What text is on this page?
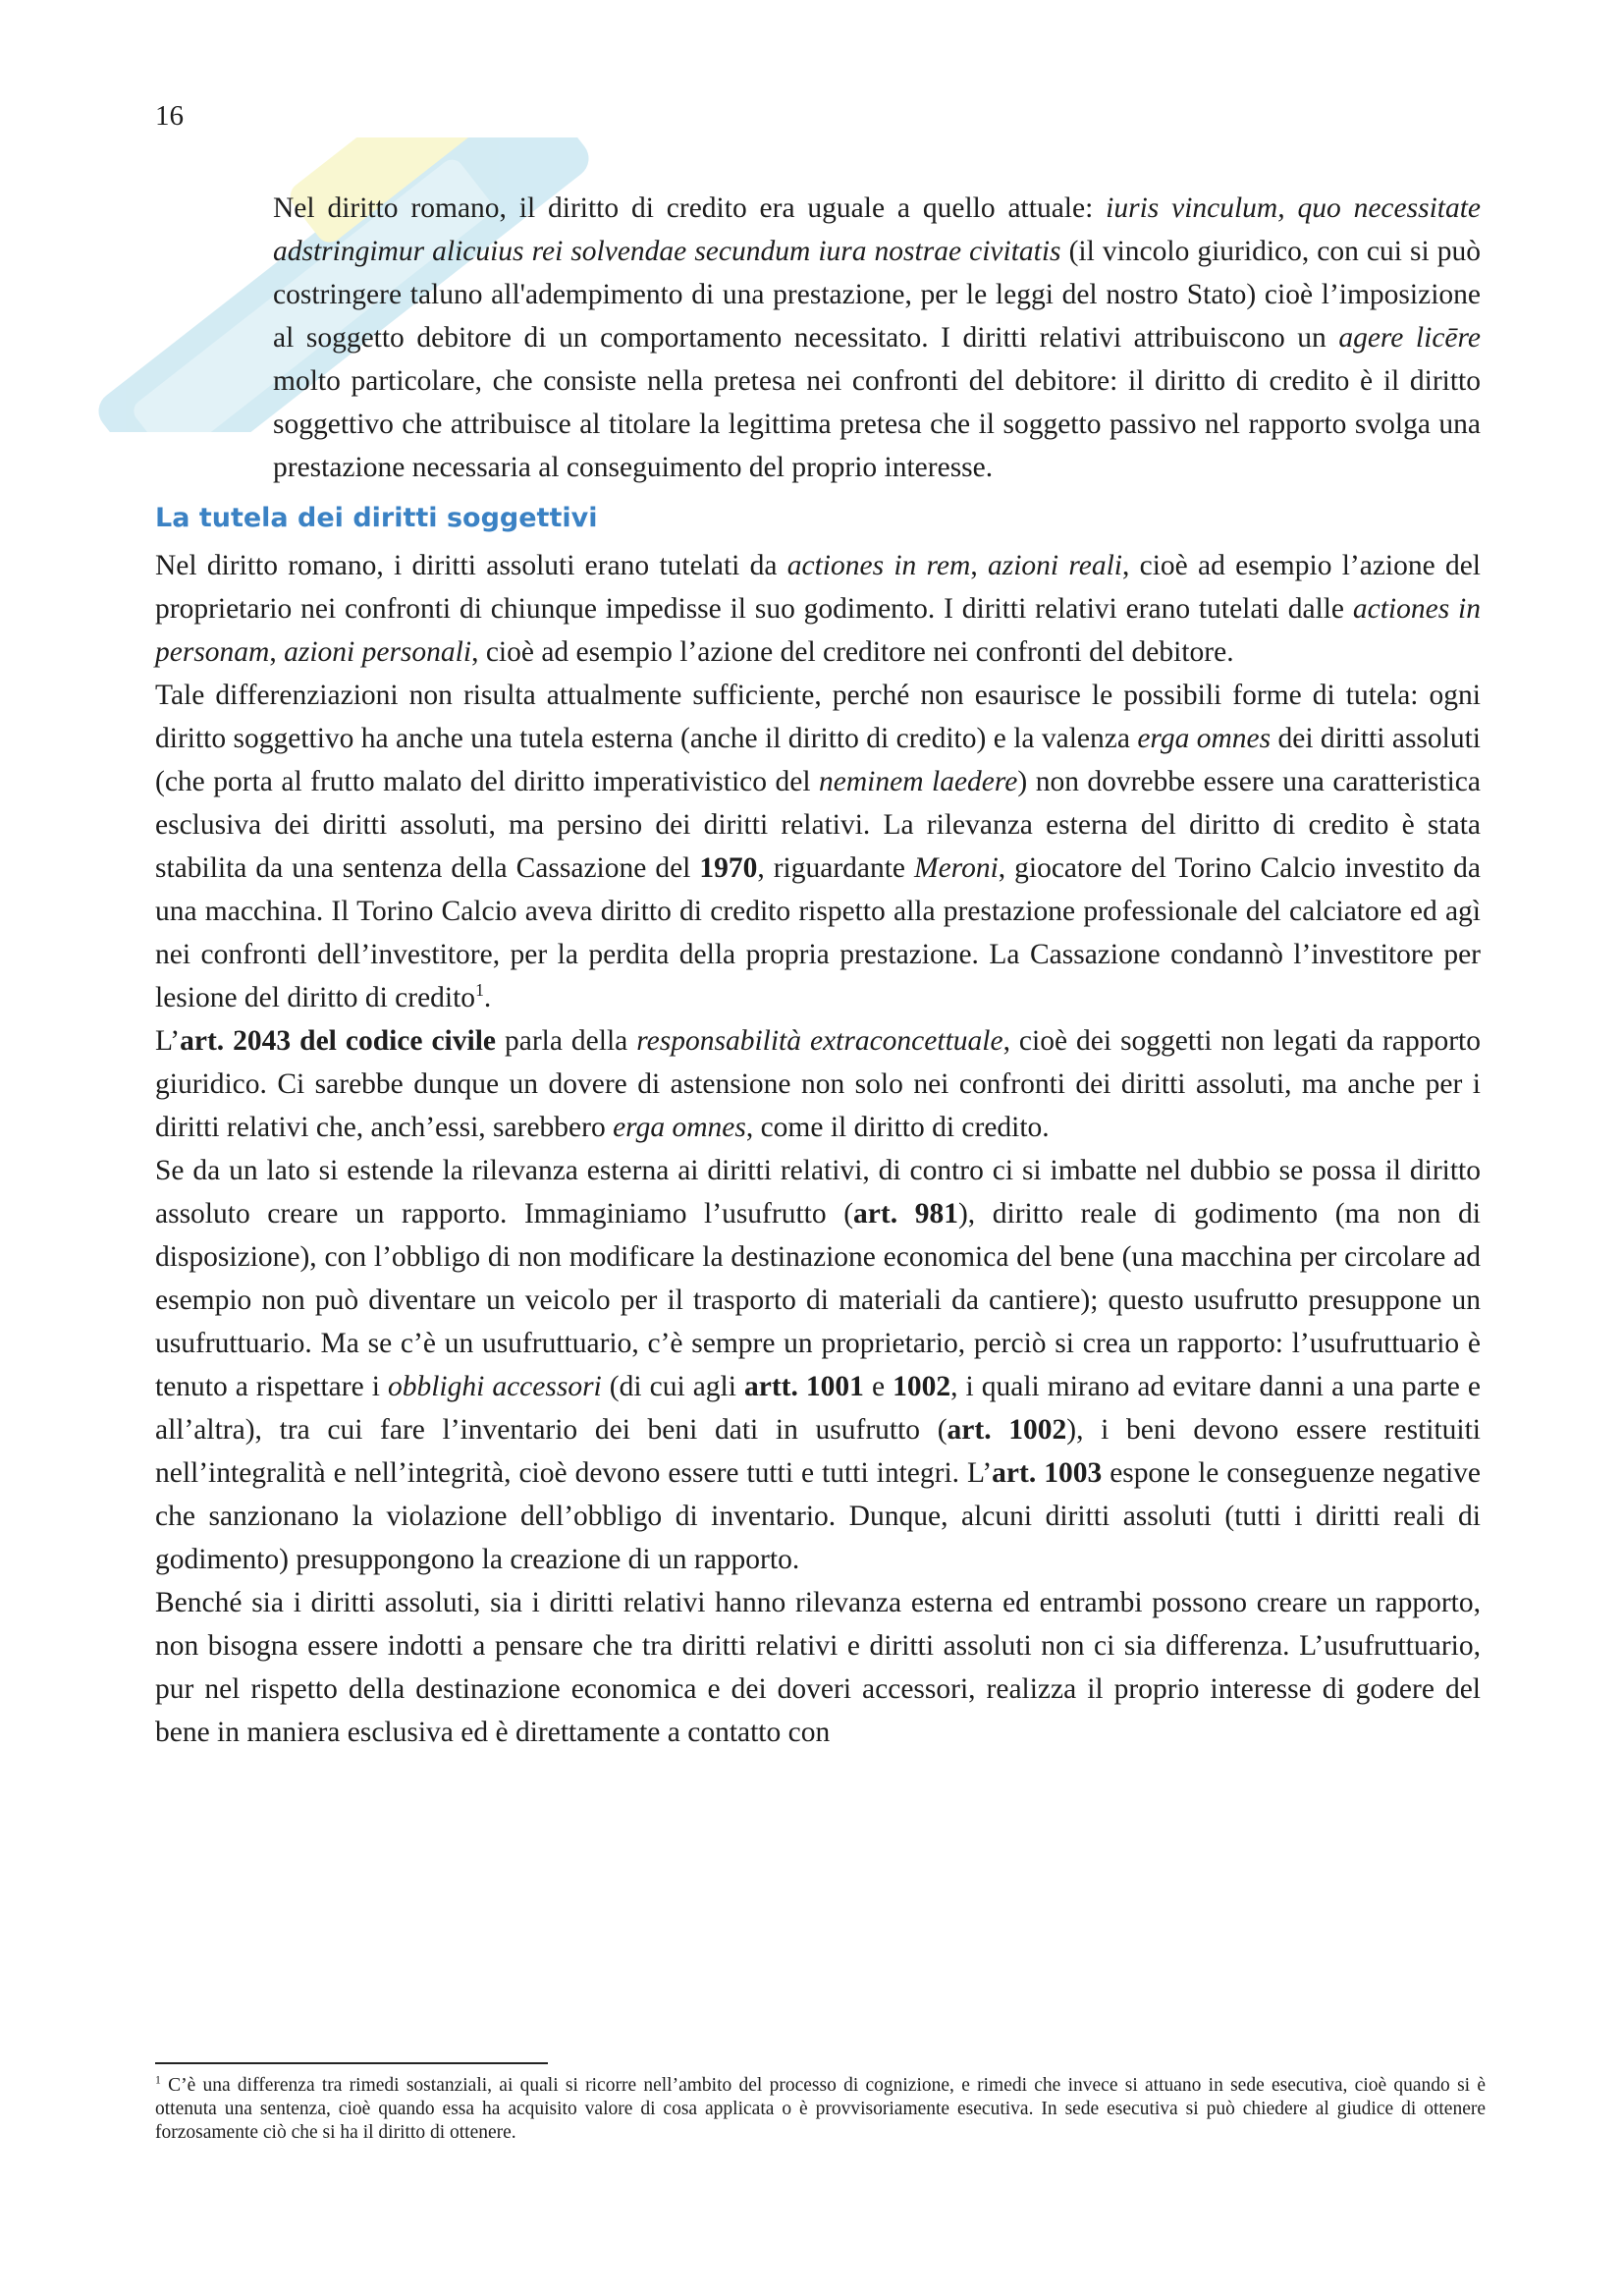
16

Nel diritto romano, il diritto di credito era uguale a quello attuale: iuris vinculum, quo necessitate adstringimur alicuius rei solvendae secundum iura nostrae civitatis (il vincolo giuridico, con cui si può costringere taluno all'adempimento di una prestazione, per le leggi del nostro Stato) cioè l’imposizione al soggetto debitore di un comportamento necessitato. I diritti relativi attribuiscono un agere licēre molto particolare, che consiste nella pretesa nei confronti del debitore: il diritto di credito è il diritto soggettivo che attribuisce al titolare la legittima pretesa che il soggetto passivo nel rapporto svolga una prestazione necessaria al conseguimento del proprio interesse.

La tutela dei diritti soggettivi

Nel diritto romano, i diritti assoluti erano tutelati da actiones in rem, azioni reali, cioè ad esempio l’azione del proprietario nei confronti di chiunque impedisse il suo godimento. I diritti relativi erano tutelati dalle actiones in personam, azioni personali, cioè ad esempio l’azione del creditore nei confronti del debitore.

Tale differenziazioni non risulta attualmente sufficiente, perché non esaurisce le possibili forme di tutela: ogni diritto soggettivo ha anche una tutela esterna (anche il diritto di credito) e la valenza erga omnes dei diritti assoluti (che porta al frutto malato del diritto imperativistico del neminem laedere) non dovrebbe essere una caratteristica esclusiva dei diritti assoluti, ma persino dei diritti relativi. La rilevanza esterna del diritto di credito è stata stabilita da una sentenza della Cassazione del 1970, riguardante Meroni, giocatore del Torino Calcio investito da una macchina. Il Torino Calcio aveva diritto di credito rispetto alla prestazione professionale del calciatore ed agì nei confronti dell’investitore, per la perdita della propria prestazione. La Cassazione condannò l’investitore per lesione del diritto di credito$^1$.

L’art. 2043 del codice civile parla della responsabilità extraconcettuale, cioè dei soggetti non legati da rapporto giuridico. Ci sarebbe dunque un dovere di astensione non solo nei confronti dei diritti assoluti, ma anche per i diritti relativi che, anch’essi, sarebbero erga omnes, come il diritto di credito.

Se da un lato si estende la rilevanza esterna ai diritti relativi, di contro ci si imbatte nel dubbio se possa il diritto assoluto creare un rapporto. Immaginiamo l’usufrutto (art. 981), diritto reale di godimento (ma non di disposizione), con l’obbligo di non modificare la destinazione economica del bene (una macchina per circolare ad esempio non può diventare un veicolo per il trasporto di materiali da cantiere); questo usufrutto presuppone un usufruttuario. Ma se c’è un usufruttuario, c’è sempre un proprietario, perciò si crea un rapporto: l’usufruttuario è tenuto a rispettare i obblighi accessori (di cui agli artt. 1001 e 1002, i quali mirano ad evitare danni a una parte e all’altra), tra cui fare l’inventario dei beni dati in usufrutto (art. 1002), i beni devono essere restituiti nell’integralità e nell’integrità, cioè devono essere tutti e tutti integri. L’art. 1003 espone le conseguenze negative che sanzionano la violazione dell’obbligo di inventario. Dunque, alcuni diritti assoluti (tutti i diritti reali di godimento) presuppongono la creazione di un rapporto.

Benché sia i diritti assoluti, sia i diritti relativi hanno rilevanza esterna ed entrambi possono creare un rapporto, non bisogna essere indotti a pensare che tra diritti relativi e diritti assoluti non ci sia differenza. L’usufruttuario, pur nel rispetto della destinazione economica e dei doveri accessori, realizza il proprio interesse di godere del bene in maniera esclusiva ed è direttamente a contatto con

$^1$ C’è una differenza tra rimedi sostanziali, ai quali si ricorre nell’ambito del processo di cognizione, e rimedi che invece si attuano in sede esecutiva, cioè quando si è ottenuta una sentenza, cioè quando essa ha acquisito valore di cosa applicata o è provvisoriamente esecutiva. In sede esecutiva si può chiedere al giudice di ottenere forzosamente ciò che si ha il diritto di ottenere.
